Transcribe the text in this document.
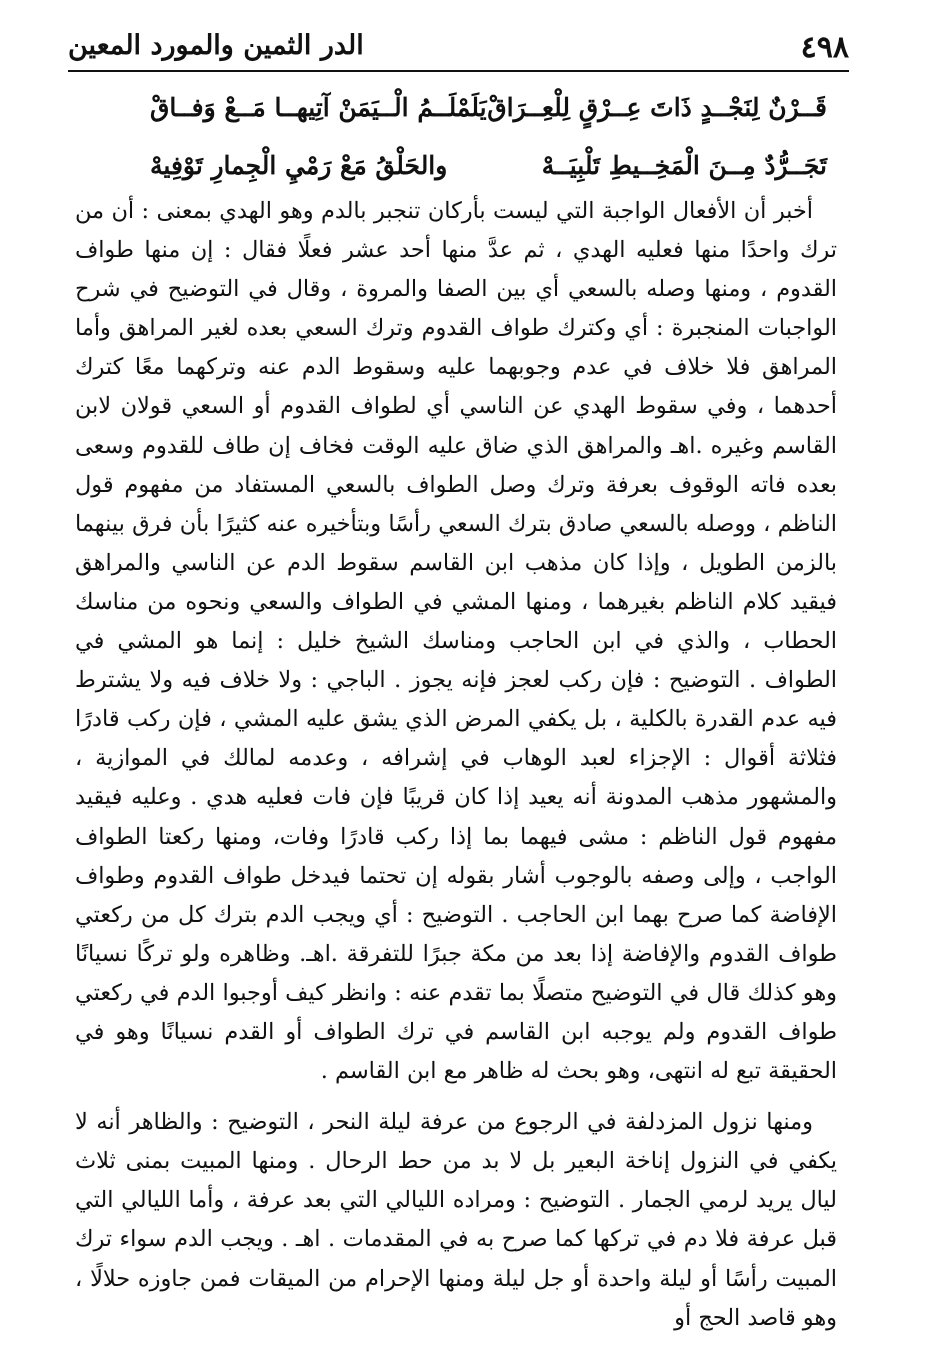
٤٩٨
الدر الثمين والمورد المعين
قَــرْنٌ لِنَجْــدٍ ذَاتَ عِــرْقٍ لِلْعِــرَاقْ
يَلَمْلَــمُ الْــيَمَنْ آتِيهــا مَــعْ وَفــاقْ
تَجَــرُّدٌ مِــنَ الْمَخِــيطِ تَلْبِيَــهْ
والحَلْقُ مَعْ رَمْيِ الْجِمارِ تَوْفِيهْ

أخبر أن الأفعال الواجبة التي ليست بأركان تنجبر بالدم وهو الهدي بمعنى : أن من ترك واحدًا منها فعليه الهدي ، ثم عدَّ منها أحد عشر فعلًا فقال : إن منها طواف القدوم ، ومنها وصله بالسعي أي بين الصفا والمروة ، وقال في التوضيح في شرح الواجبات المنجبرة : أي وكترك طواف القدوم وترك السعي بعده لغير المراهق وأما المراهق فلا خلاف في عدم وجوبهما عليه وسقوط الدم عنه وتركهما معًا كترك أحدهما ، وفي سقوط الهدي عن الناسي أي لطواف القدوم أو السعي قولان لابن القاسم وغيره .اهـ والمراهق الذي ضاق عليه الوقت فخاف إن طاف للقدوم وسعى بعده فاته الوقوف بعرفة وترك وصل الطواف بالسعي المستفاد من مفهوم قول الناظم ، ووصله بالسعي صادق بترك السعي رأسًا وبتأخيره عنه كثيرًا بأن فرق بينهما بالزمن الطويل ، وإذا كان مذهب ابن القاسم سقوط الدم عن الناسي والمراهق فيقيد كلام الناظم بغيرهما ، ومنها المشي في الطواف والسعي ونحوه من مناسك الحطاب ، والذي في ابن الحاجب ومناسك الشيخ خليل : إنما هو المشي في الطواف . التوضيح : فإن ركب لعجز فإنه يجوز . الباجي : ولا خلاف فيه ولا يشترط فيه عدم القدرة بالكلية ، بل يكفي المرض الذي يشق عليه المشي ، فإن ركب قادرًا فثلاثة أقوال : الإجزاء لعبد الوهاب في إشرافه ، وعدمه لمالك في الموازية ، والمشهور مذهب المدونة أنه يعيد إذا كان قريبًا فإن فات فعليه هدي . وعليه فيقيد مفهوم قول الناظم : مشى فيهما بما إذا ركب قادرًا وفات، ومنها ركعتا الطواف الواجب ، وإلى وصفه بالوجوب أشار بقوله إن تحتما فيدخل طواف القدوم وطواف الإفاضة كما صرح بهما ابن الحاجب . التوضيح : أي ويجب الدم بترك كل من ركعتي طواف القدوم والإفاضة إذا بعد من مكة جبرًا للتفرقة .اهـ. وظاهره ولو تركًا نسيانًا وهو كذلك قال في التوضيح متصلًا بما تقدم عنه : وانظر كيف أوجبوا الدم في ركعتي طواف القدوم ولم يوجبه ابن القاسم في ترك الطواف أو القدم نسيانًا وهو في الحقيقة تبع له انتهى، وهو بحث له ظاهر مع ابن القاسم .

ومنها نزول المزدلفة في الرجوع من عرفة ليلة النحر ، التوضيح : والظاهر أنه لا يكفي في النزول إناخة البعير بل لا بد من حط الرحال . ومنها المبيت بمنى ثلاث ليال يريد لرمي الجمار . التوضيح : ومراده الليالي التي بعد عرفة ، وأما الليالي التي قبل عرفة فلا دم في تركها كما صرح به في المقدمات . اهـ . ويجب الدم سواء ترك المبيت رأسًا أو ليلة واحدة أو جل ليلة ومنها الإحرام من الميقات فمن جاوزه حلالًا ، وهو قاصد الحج أو
